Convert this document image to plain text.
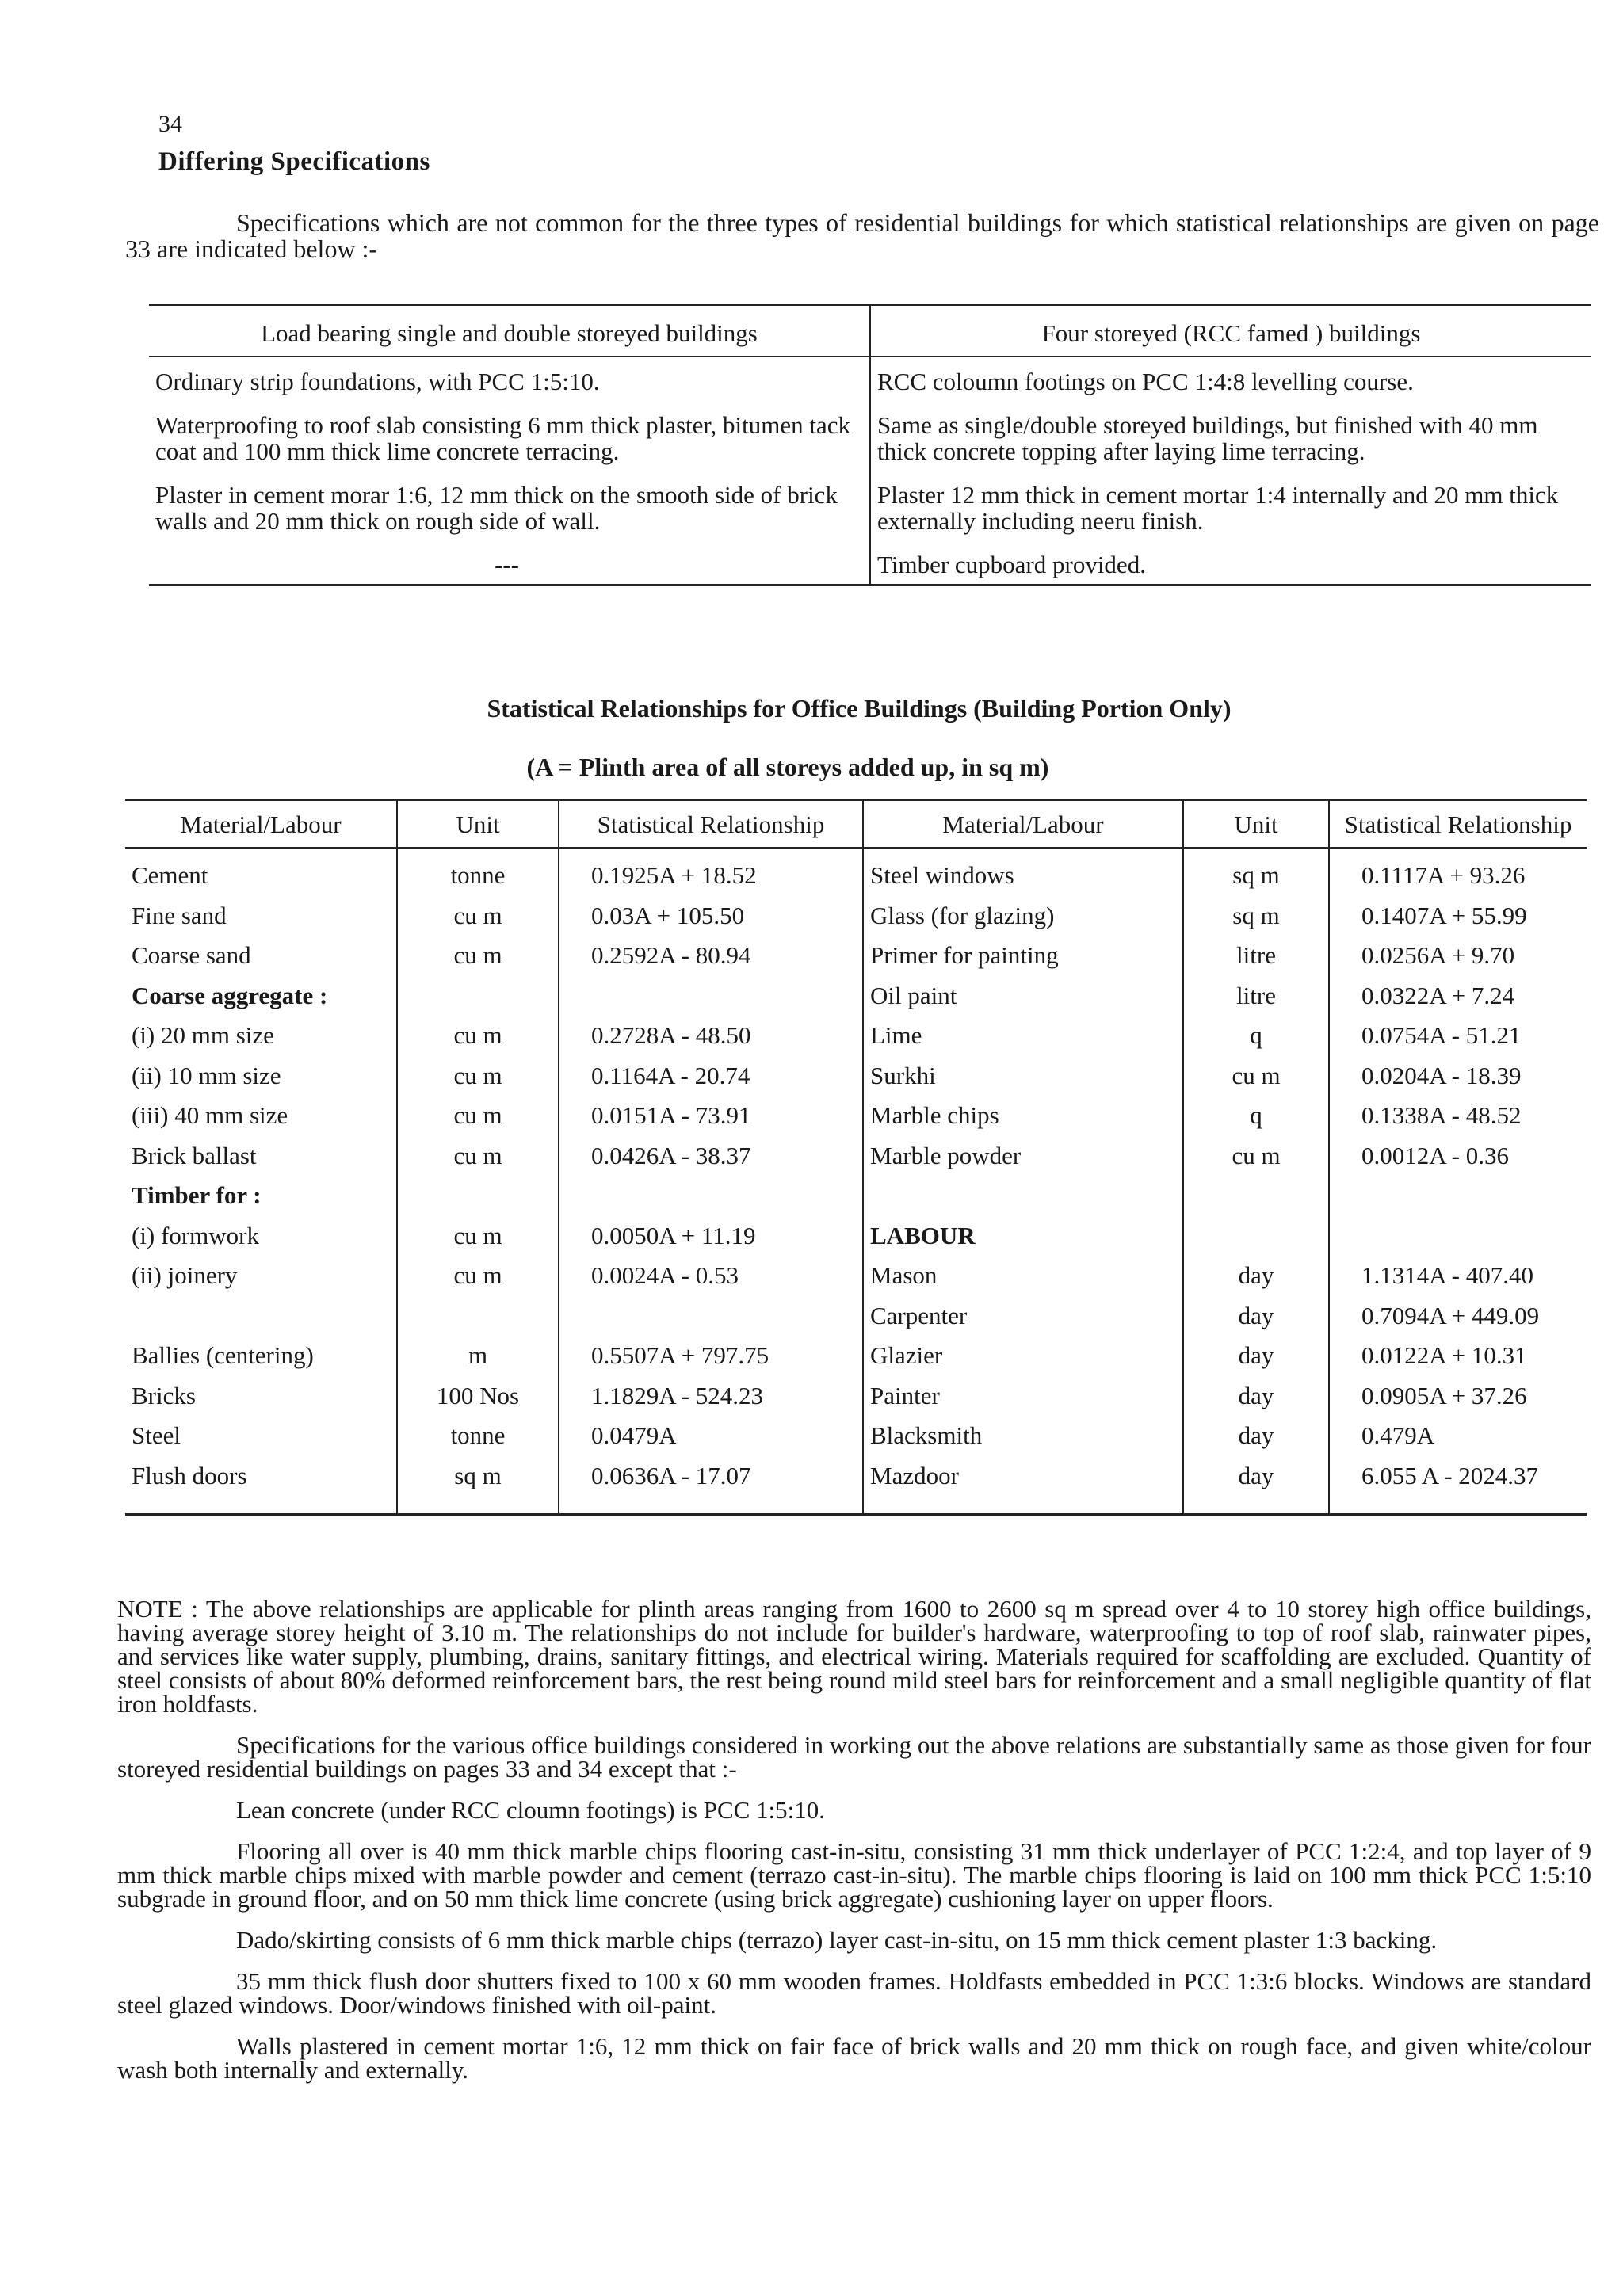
34
Differing Specifications
Specifications which are not common for the three types of residential buildings for which statistical relationships are given on page 33 are indicated below :-
Load bearing single and double storeyed buildings	Four storeyed (RCC famed ) buildings
Ordinary strip foundations, with PCC 1:5:10.	RCC coloumn footings on PCC 1:4:8 levelling course.
Waterproofing to roof slab consisting 6 mm thick plaster, bitumen tack coat and 100 mm thick lime concrete terracing.	Same as single/double storeyed buildings, but finished with 40 mm thick concrete topping after laying lime terracing.
Plaster in cement morar 1:6, 12 mm thick on the smooth side of brick walls and 20 mm thick on rough side of wall.	Plaster 12 mm thick in cement mortar 1:4 internally and 20 mm thick externally including neeru finish.
---	Timber cupboard provided.
Statistical Relationships for Office Buildings (Building Portion Only)
(A = Plinth area of all storeys added up, in sq m)
Material/Labour	Unit	Statistical Relationship	Material/Labour	Unit	Statistical Relationship
Cement	tonne	0.1925A + 18.52	Steel windows	sq m	0.1117A + 93.26
Fine sand	cu m	0.03A + 105.50	Glass (for glazing)	sq m	0.1407A + 55.99
Coarse sand	cu m	0.2592A - 80.94	Primer for painting	litre	0.0256A + 9.70
Coarse aggregate :			Oil paint	litre	0.0322A + 7.24
(i) 20 mm size	cu m	0.2728A - 48.50	Lime	q	0.0754A - 51.21
(ii) 10 mm size	cu m	0.1164A - 20.74	Surkhi	cu m	0.0204A - 18.39
(iii) 40 mm size	cu m	0.0151A - 73.91	Marble chips	q	0.1338A - 48.52
Brick ballast	cu m	0.0426A - 38.37	Marble powder	cu m	0.0012A - 0.36
Timber for :					
(i) formwork	cu m	0.0050A + 11.19	LABOUR		
(ii) joinery	cu m	0.0024A - 0.53	Mason	day	1.1314A - 407.40
			Carpenter	day	0.7094A + 449.09
Ballies (centering)	m	0.5507A + 797.75	Glazier	day	0.0122A + 10.31
Bricks	100 Nos	1.1829A - 524.23	Painter	day	0.0905A + 37.26
Steel	tonne	0.0479A	Blacksmith	day	0.479A
Flush doors	sq m	0.0636A - 17.07	Mazdoor	day	6.055 A - 2024.37

NOTE : The above relationships are applicable for plinth areas ranging from 1600 to 2600 sq m spread over 4 to 10 storey high office buildings, having average storey height of 3.10 m. The relationships do not include for builder's hardware, waterproofing to top of roof slab, rainwater pipes, and services like water supply, plumbing, drains, sanitary fittings, and electrical wiring. Materials required for scaffolding are excluded. Quantity of steel consists of about 80% deformed reinforcement bars, the rest being round mild steel bars for reinforcement and a small negligible quantity of flat iron holdfasts.

Specifications for the various office buildings considered in working out the above relations are substantially same as those given for four storeyed residential buildings on pages 33 and 34 except that :-

Lean concrete (under RCC cloumn footings) is PCC 1:5:10.

Flooring all over is 40 mm thick marble chips flooring cast-in-situ, consisting 31 mm thick underlayer of PCC 1:2:4, and top layer of 9 mm thick marble chips mixed with marble powder and cement (terrazo cast-in-situ). The marble chips flooring is laid on 100 mm thick PCC 1:5:10 subgrade in ground floor, and on 50 mm thick lime concrete (using brick aggregate) cushioning layer on upper floors.

Dado/skirting consists of 6 mm thick marble chips (terrazo) layer cast-in-situ, on 15 mm thick cement plaster 1:3 backing.

35 mm thick flush door shutters fixed to 100 x 60 mm wooden frames. Holdfasts embedded in PCC 1:3:6 blocks. Windows are standard steel glazed windows. Door/windows finished with oil-paint.

Walls plastered in cement mortar 1:6, 12 mm thick on fair face of brick walls and 20 mm thick on rough face, and given white/colour wash both internally and externally.
